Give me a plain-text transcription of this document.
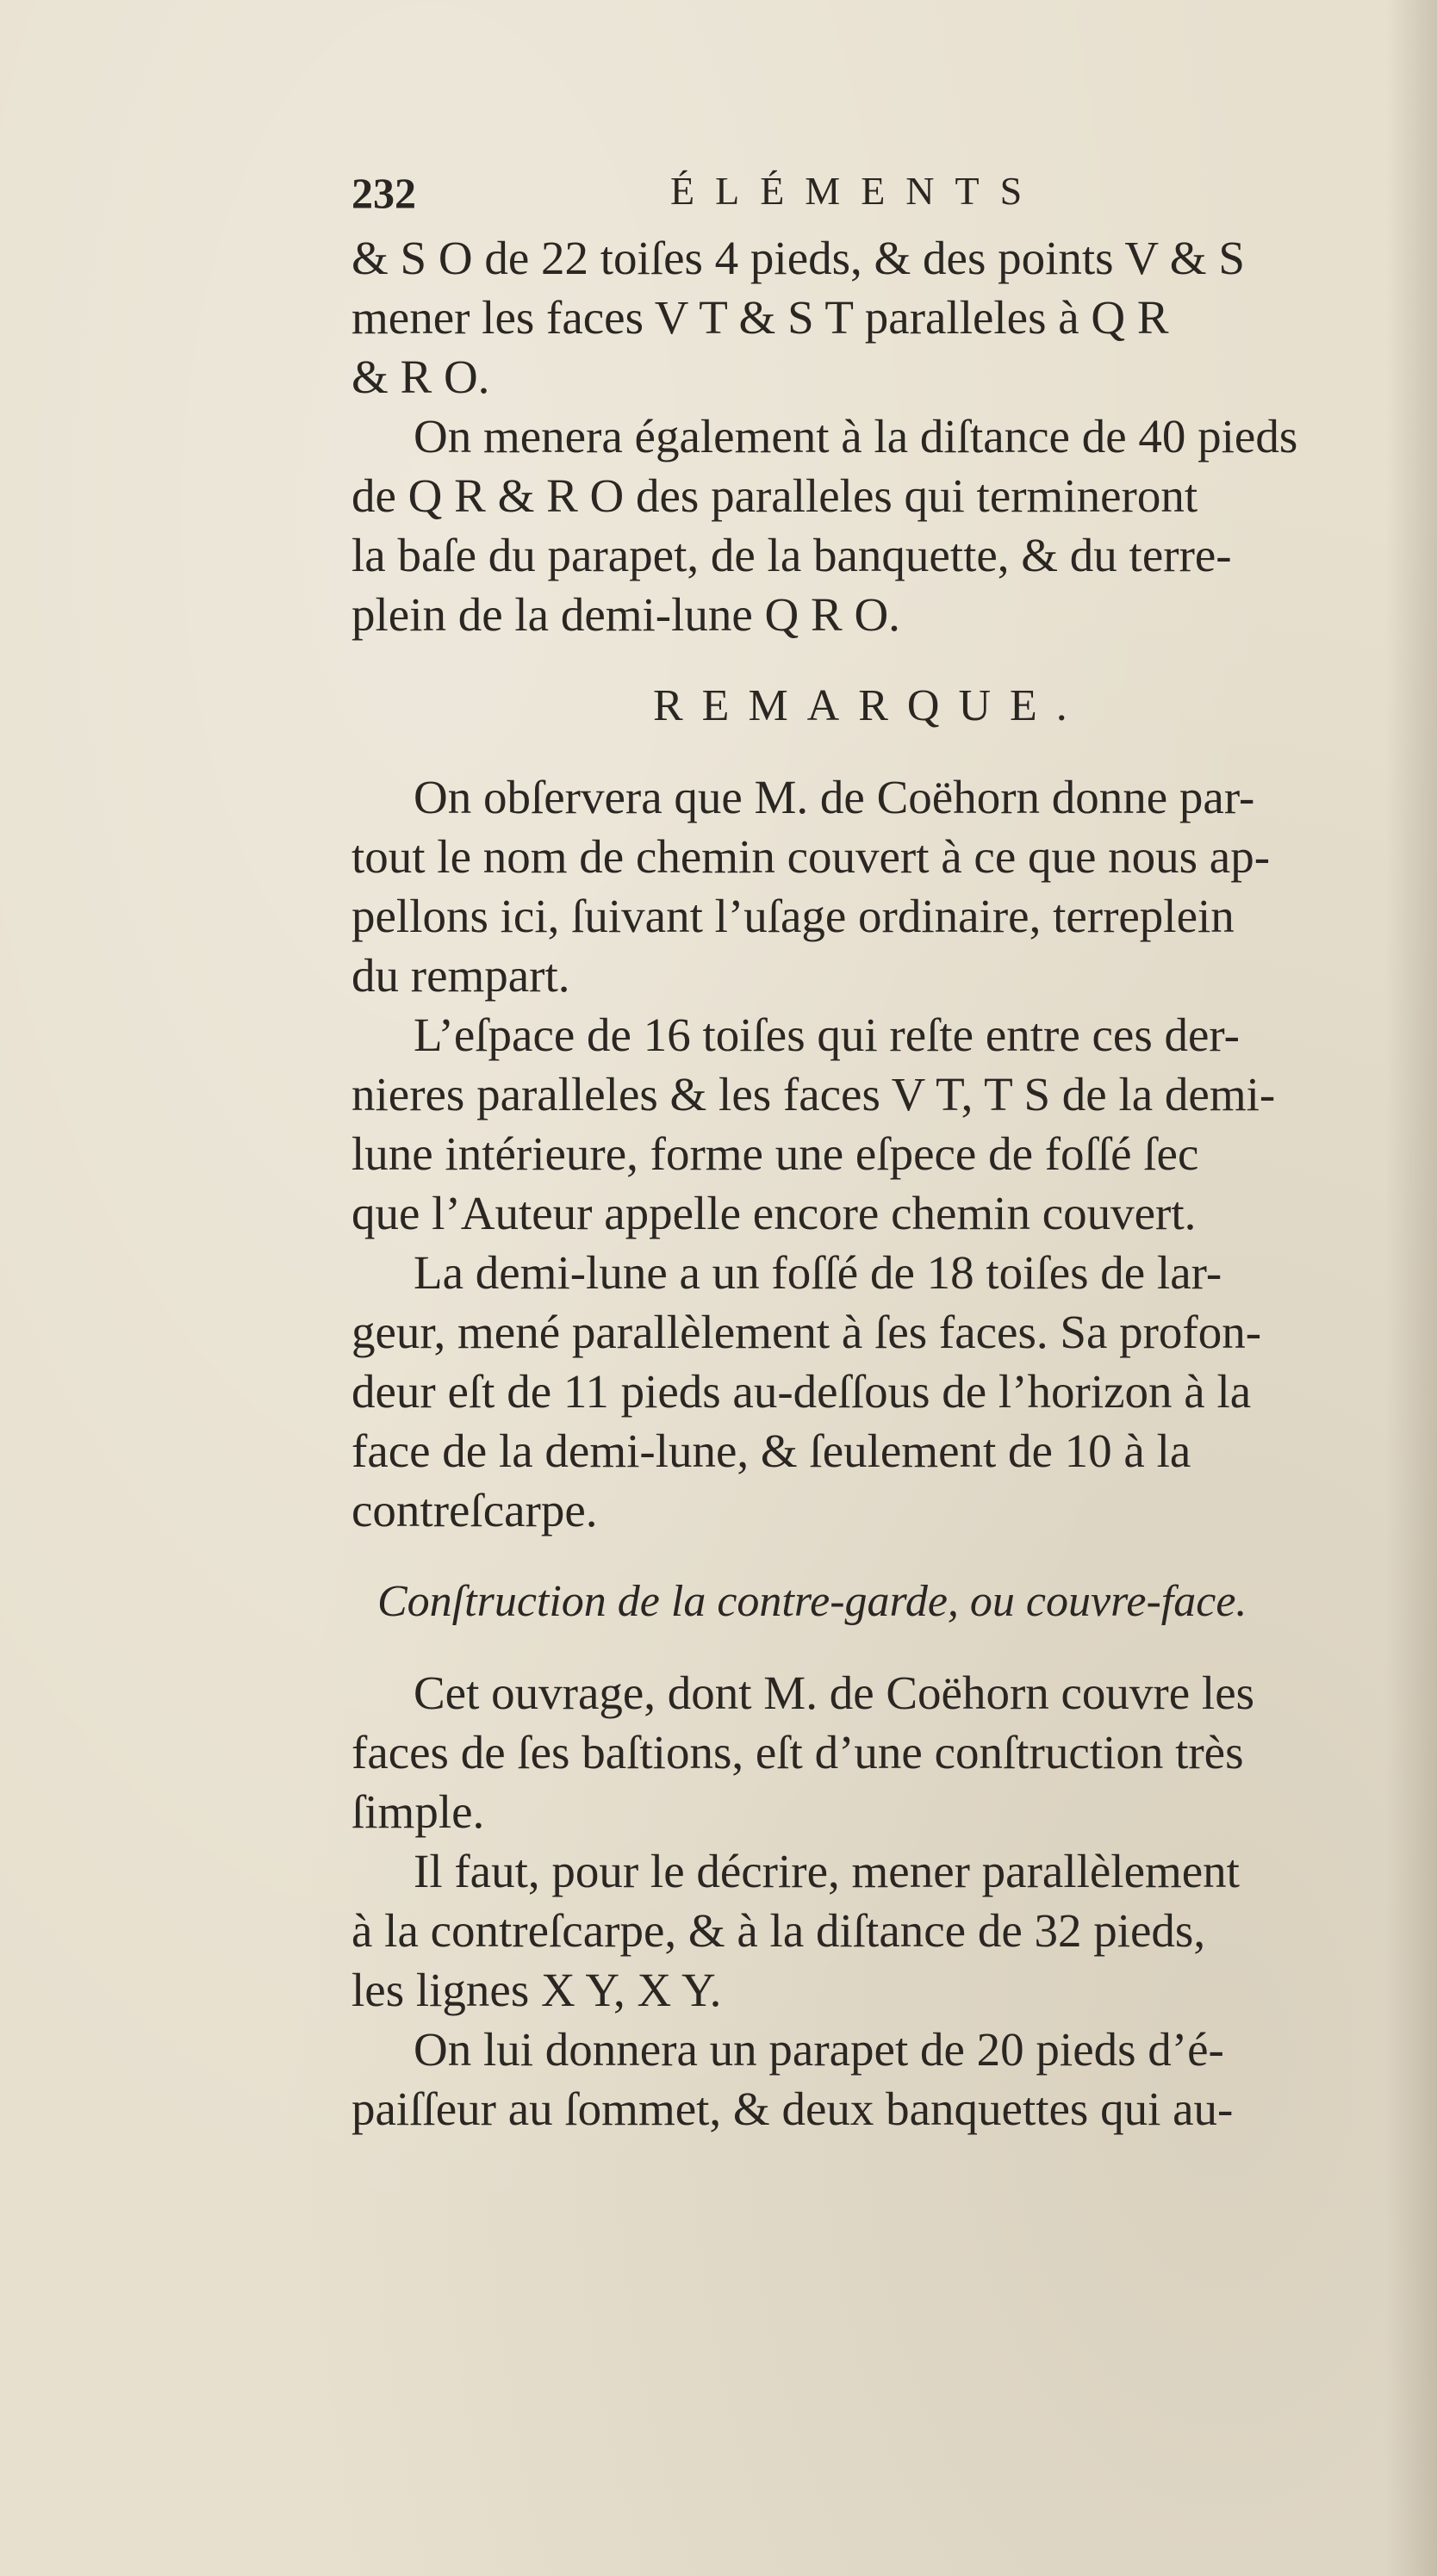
232	ÉLÉMENTS

& S O de 22 toiſes 4 pieds, & des points V & S

mener les faces V T & S T paralleles à Q R

& R O.

On menera également à la diſtance de 40 pieds

de Q R & R O des paralleles qui termineront

la baſe du parapet, de la banquette, & du terre-

plein de la demi-lune Q R O.

REMARQUE.

On obſervera que M. de Coëhorn donne par-

tout le nom de chemin couvert à ce que nous ap-

pellons ici, ſuivant l’uſage ordinaire, terreplein

du rempart.

L’eſpace de 16 toiſes qui reſte entre ces der-

nieres paralleles & les faces V T, T S de la demi-

lune intérieure, forme une eſpece de foſſé ſec

que l’Auteur appelle encore chemin couvert.

La demi-lune a un foſſé de 18 toiſes de lar-

geur, mené parallèlement à ſes faces. Sa profon-

deur eſt de 11 pieds au-deſſous de l’horizon à la

face de la demi-lune, & ſeulement de 10 à la

contreſcarpe.

Conſtruction de la contre-garde, ou couvre-face.

Cet ouvrage, dont M. de Coëhorn couvre les

faces de ſes baſtions, eſt d’une conſtruction très

ſimple.

Il faut, pour le décrire, mener parallèlement

à la contreſcarpe, & à la diſtance de 32 pieds,

les lignes X Y, X Y.

On lui donnera un parapet de 20 pieds d’é-

paiſſeur au ſommet, & deux banquettes qui au-
